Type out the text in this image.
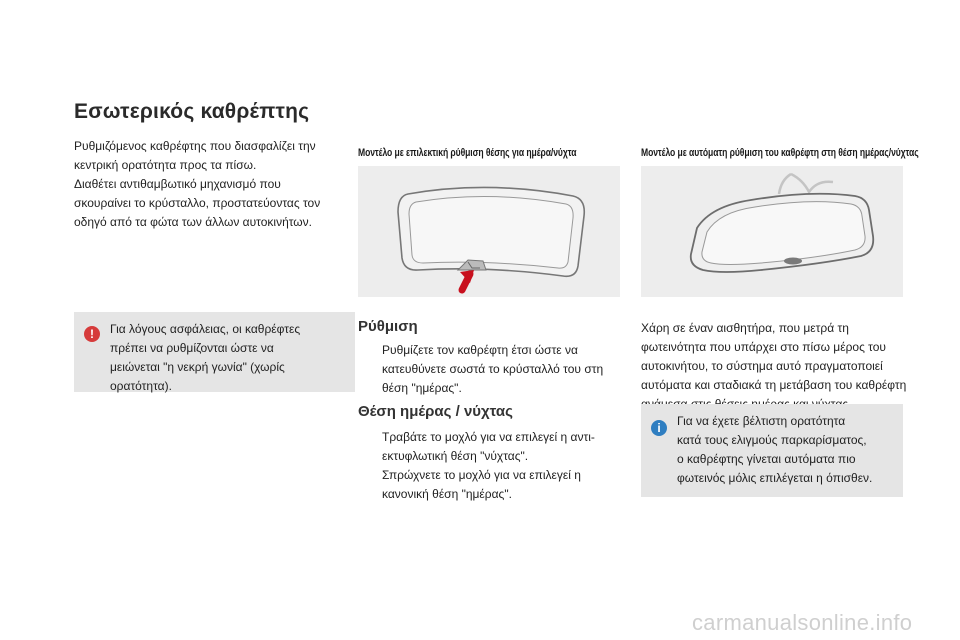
Εσωτερικός καθρέπτης

Ρυθμιζόμενος καθρέφτης που διασφαλίζει την

κεντρική ορατότητα προς τα πίσω.

Διαθέτει αντιθαμβωτικό μηχανισμό που

σκουραίνει το κρύσταλλο, προστατεύοντας τον

οδηγό από τα φώτα των άλλων αυτοκινήτων.

!	Για λόγους ασφάλειας, οι καθρέφτες

πρέπει να ρυθμίζονται ώστε να

μειώνεται "η νεκρή γωνία" (χωρίς

ορατότητα).

Μοντέλο με επιλεκτική ρύθμιση θέσης για ημέρα/νύχτα
Ρύθμιση
Ρυθμίζετε τον καθρέφτη έτσι ώστε να
κατευθύνετε σωστά το κρύσταλλό του στη
θέση "ημέρας".
Θέση ημέρας / νύχτας
Τραβάτε το μοχλό για να επιλεγεί η αντι-
εκτυφλωτική θέση "νύχτας".
Σπρώχνετε το μοχλό για να επιλεγεί η
κανονική θέση "ημέρας".
Μοντέλο με αυτόματη ρύθμιση του καθρέφτη στη θέση ημέρας/νύχτας

Χάρη σε έναν αισθητήρα, που μετρά τη

φωτεινότητα που υπάρχει στο πίσω μέρος του

αυτοκινήτου, το σύστημα αυτό πραγματοποιεί

αυτόματα και σταδιακά τη μετάβαση του καθρέφτη

i	Για να έχετε βέλτιστη ορατότητα

κατά τους ελιγμούς παρκαρίσματος,

ο καθρέφτης γίνεται αυτόματα πιο

φωτεινός μόλις επιλέγεται η όπισθεν.

carmanualsonline.info
